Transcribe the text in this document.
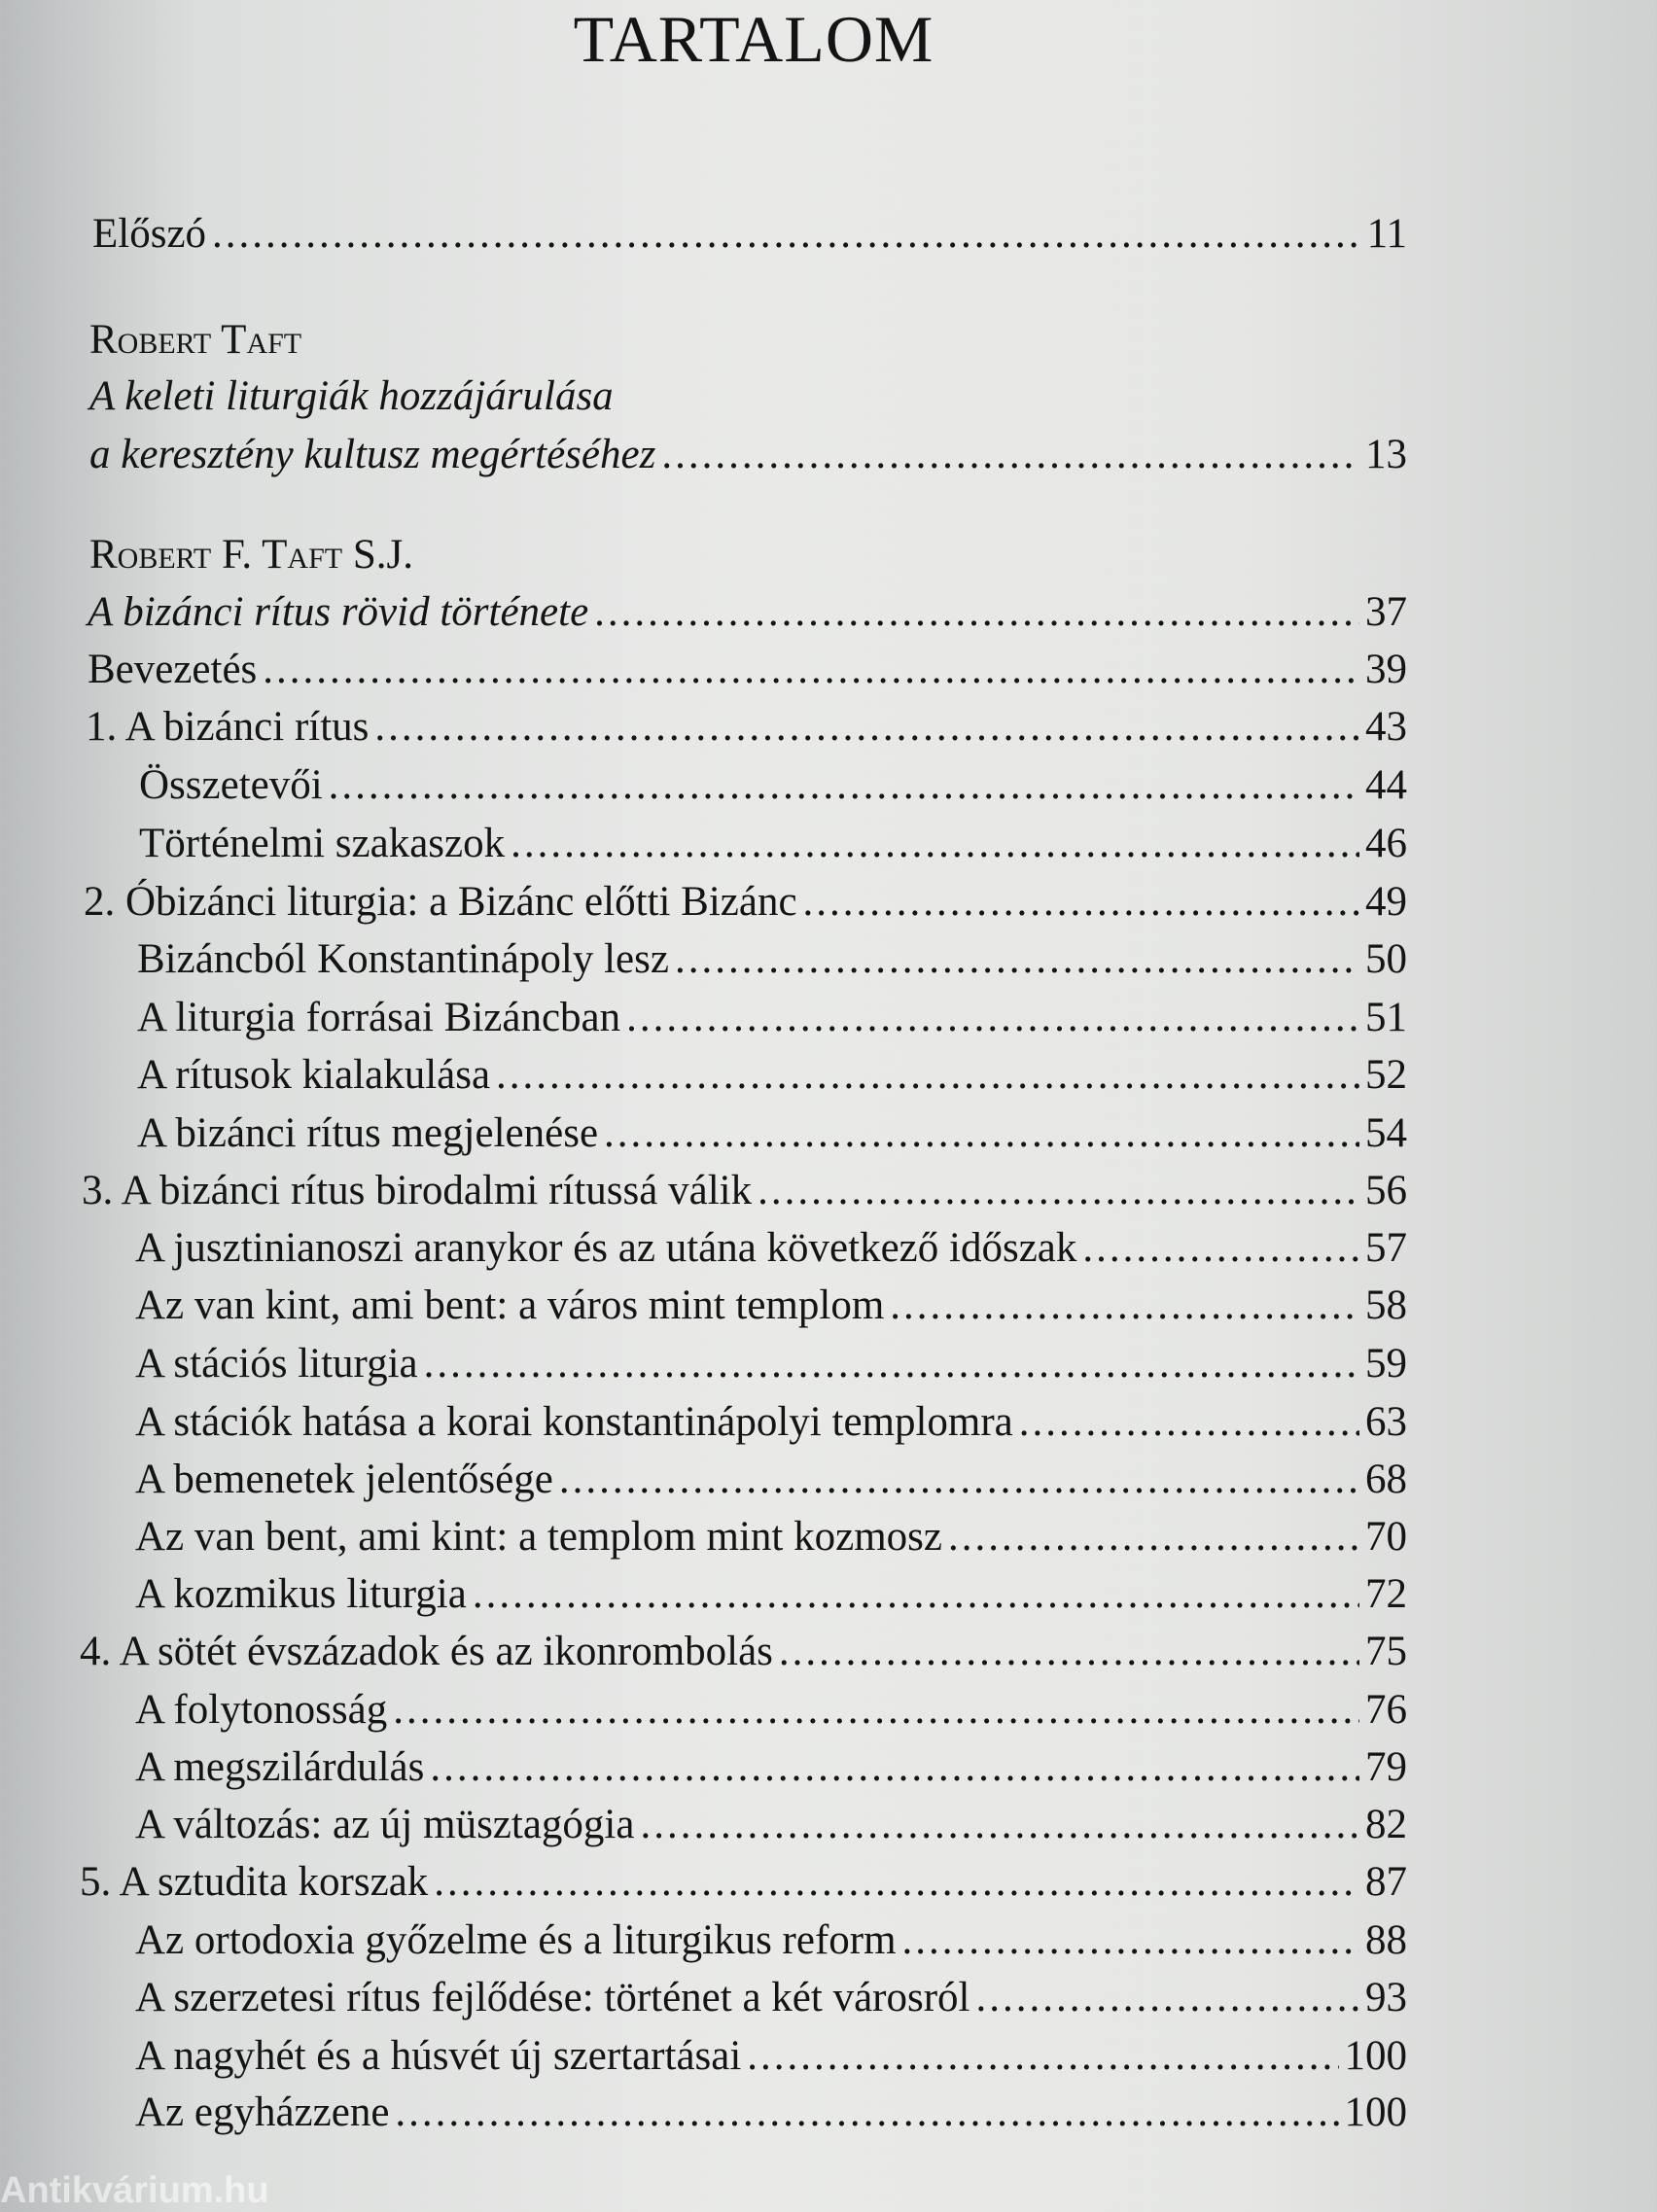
TARTALOM
Előszó .....	11
Robert Taft
A keleti liturgiák hozzájárulása
a keresztény kultusz megértéséhez .....	13
Robert F. Taft S.J.
A bizánci rítus rövid története .....	37
Bevezetés .....	39
1. A bizánci rítus .....	43
Összetevői .....	44
Történelmi szakaszok .....	46
2. Óbizánci liturgia: a Bizánc előtti Bizánc .....	49
Bizáncból Konstantinápoly lesz .....	50
A liturgia forrásai Bizáncban .....	51
A rítusok kialakulása .....	52
A bizánci rítus megjelenése .....	54
3. A bizánci rítus birodalmi rítussá válik .....	56
A jusztinianoszi aranykor és az utána következő időszak .....	57
Az van kint, ami bent: a város mint templom .....	58
A stációs liturgia .....	59
A stációk hatása a korai konstantinápolyi templomra .....	63
A bemenetek jelentősége .....	68
Az van bent, ami kint: a templom mint kozmosz .....	70
A kozmikus liturgia .....	72
4. A sötét évszázadok és az ikonrombolás .....	75
A folytonosság .....	76
A megszilárdulás .....	79
A változás: az új müsztagógia .....	82
5. A sztudita korszak .....	87
Az ortodoxia győzelme és a liturgikus reform .....	88
A szerzetesi rítus fejlődése: történet a két városról .....	93
A nagyhét és a húsvét új szertartásai .....	100
Az egyházzene .....	100
Antikvárium.hu
